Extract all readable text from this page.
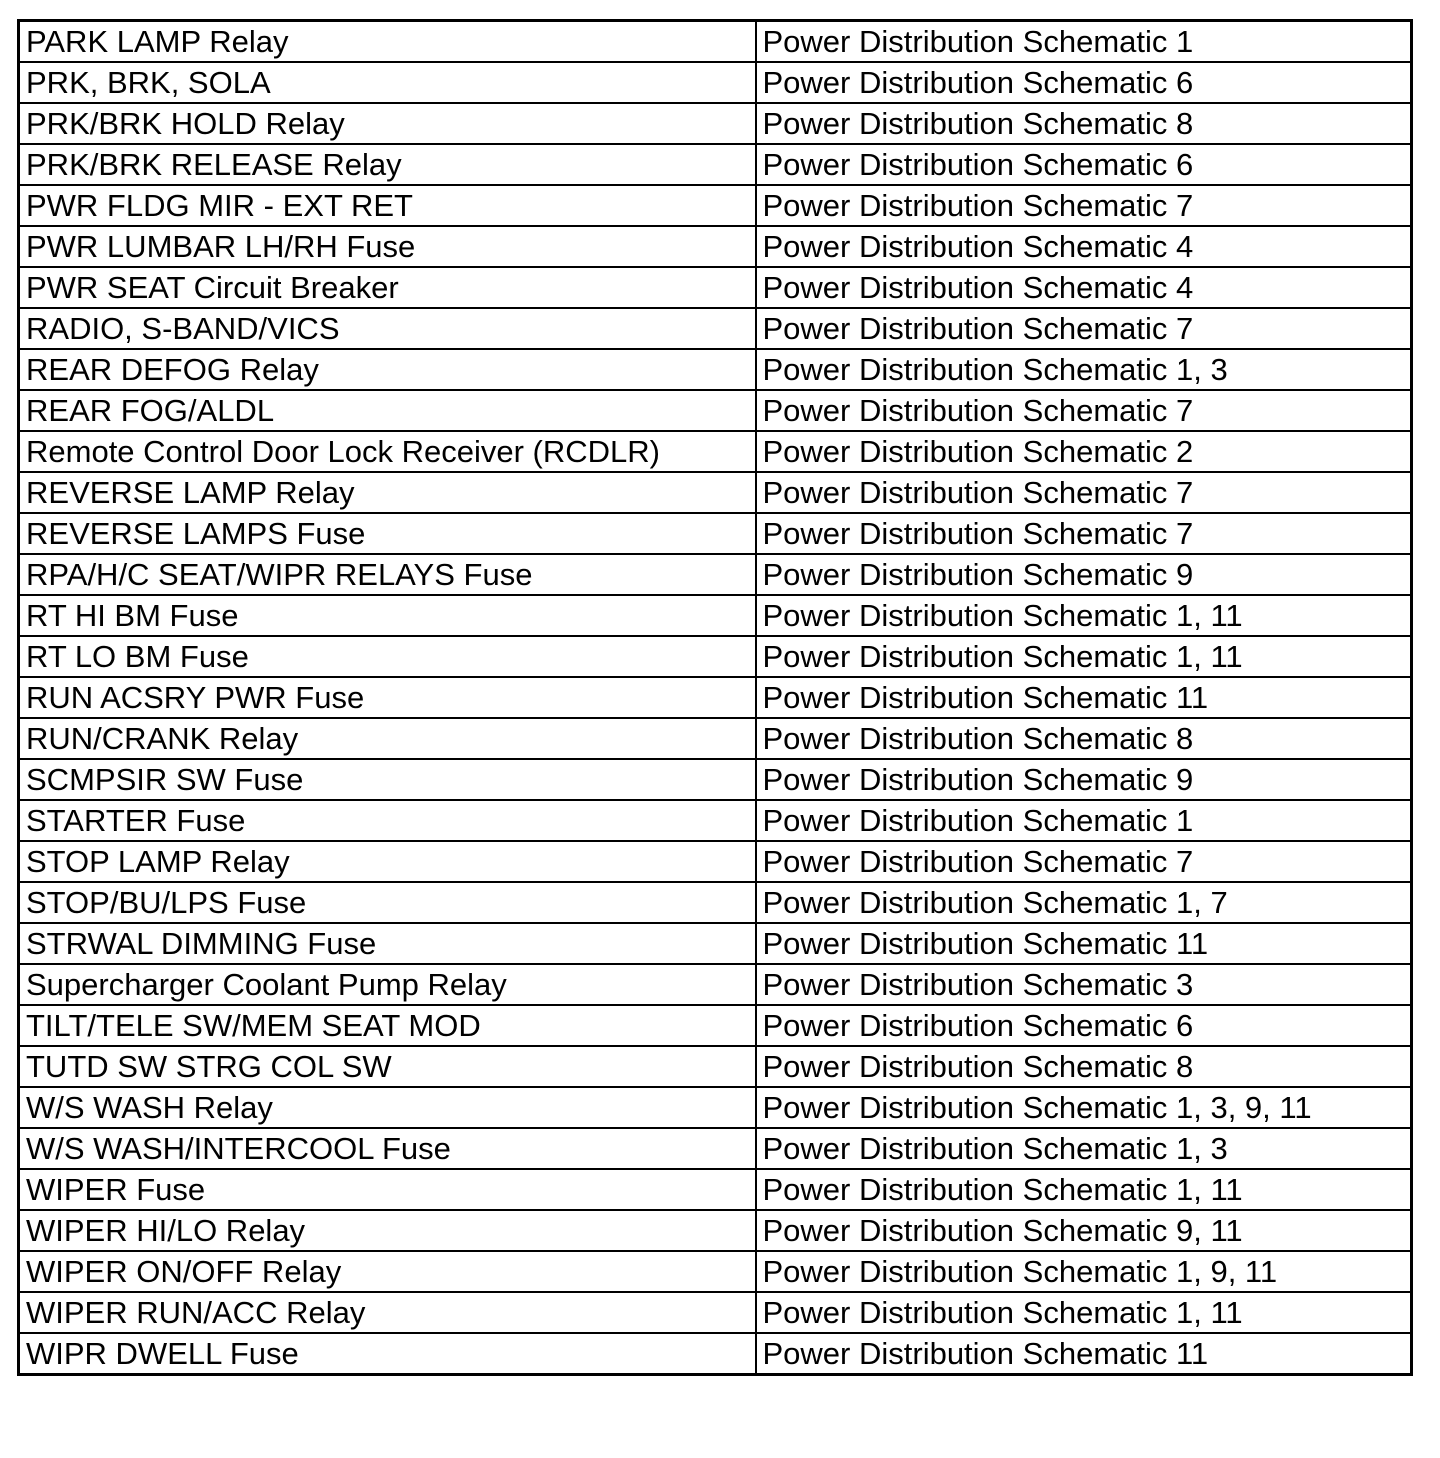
PARK LAMP Relay	Power Distribution Schematic 1
PRK, BRK, SOLA	Power Distribution Schematic 6
PRK/BRK HOLD Relay	Power Distribution Schematic 8
PRK/BRK RELEASE Relay	Power Distribution Schematic 6
PWR FLDG MIR - EXT RET	Power Distribution Schematic 7
PWR LUMBAR LH/RH Fuse	Power Distribution Schematic 4
PWR SEAT Circuit Breaker	Power Distribution Schematic 4
RADIO, S-BAND/VICS	Power Distribution Schematic 7
REAR DEFOG Relay	Power Distribution Schematic 1, 3
REAR FOG/ALDL	Power Distribution Schematic 7
Remote Control Door Lock Receiver (RCDLR)	Power Distribution Schematic 2
REVERSE LAMP Relay	Power Distribution Schematic 7
REVERSE LAMPS Fuse	Power Distribution Schematic 7
RPA/H/C SEAT/WIPR RELAYS Fuse	Power Distribution Schematic 9
RT HI BM Fuse	Power Distribution Schematic 1, 11
RT LO BM Fuse	Power Distribution Schematic 1, 11
RUN ACSRY PWR Fuse	Power Distribution Schematic 11
RUN/CRANK Relay	Power Distribution Schematic 8
SCMPSIR SW Fuse	Power Distribution Schematic 9
STARTER Fuse	Power Distribution Schematic 1
STOP LAMP Relay	Power Distribution Schematic 7
STOP/BU/LPS Fuse	Power Distribution Schematic 1, 7
STRWAL DIMMING Fuse	Power Distribution Schematic 11
Supercharger Coolant Pump Relay	Power Distribution Schematic 3
TILT/TELE SW/MEM SEAT MOD	Power Distribution Schematic 6
TUTD SW STRG COL SW	Power Distribution Schematic 8
W/S WASH Relay	Power Distribution Schematic 1, 3, 9, 11
W/S WASH/INTERCOOL Fuse	Power Distribution Schematic 1, 3
WIPER Fuse	Power Distribution Schematic 1, 11
WIPER HI/LO Relay	Power Distribution Schematic 9, 11
WIPER ON/OFF Relay	Power Distribution Schematic 1, 9, 11
WIPER RUN/ACC Relay	Power Distribution Schematic 1, 11
WIPR DWELL Fuse	Power Distribution Schematic 11
